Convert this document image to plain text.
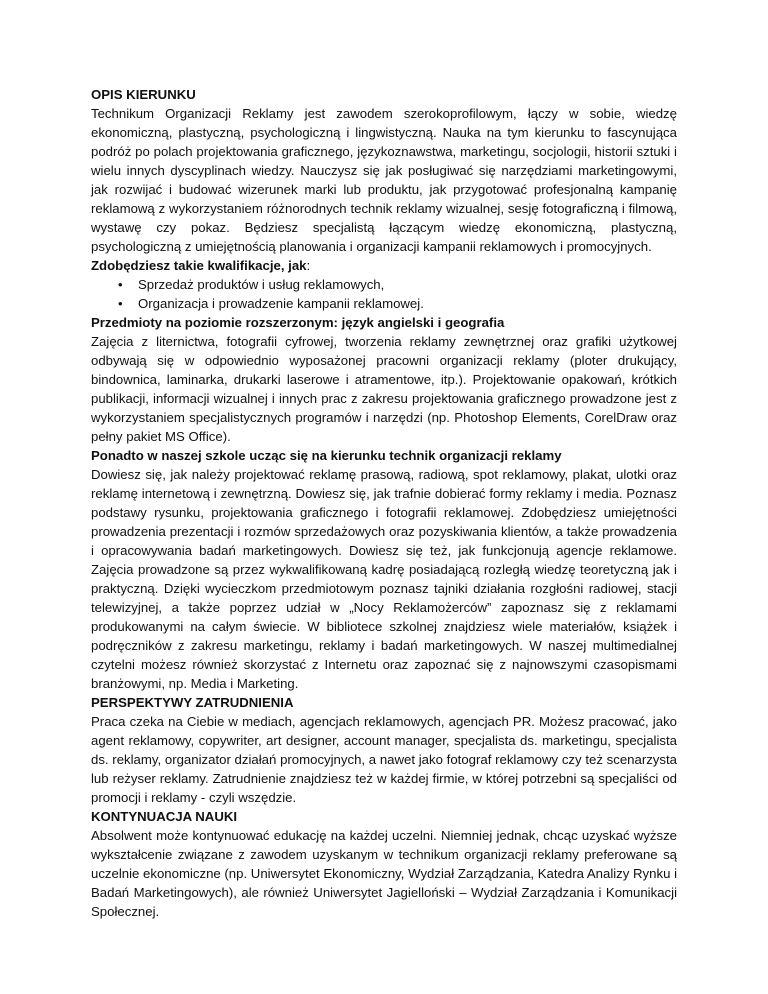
OPIS KIERUNKU

Technikum Organizacji Reklamy jest zawodem szerokoprofilowym, łączy w sobie, wiedzę ekonomiczną, plastyczną, psychologiczną i lingwistyczną. Nauka na tym kierunku to fascynująca podróż po polach projektowania graficznego, językoznawstwa, marketingu, socjologii, historii sztuki i wielu innych dyscyplinach wiedzy. Nauczysz się jak posługiwać się narzędziami marketingowymi, jak rozwijać i budować wizerunek marki lub produktu, jak przygotować profesjonalną kampanię reklamową z wykorzystaniem różnorodnych technik reklamy wizualnej, sesję fotograficzną i filmową, wystawę czy pokaz. Będziesz specjalistą łączącym wiedzę ekonomiczną, plastyczną, psychologiczną z umiejętnością planowania i organizacji kampanii reklamowych i promocyjnych.

Zdobędziesz takie kwalifikacje, jak:
• Sprzedaż produktów i usług reklamowych,
• Organizacja i prowadzenie kampanii reklamowej.
Przedmioty na poziomie rozszerzonym: język angielski i geografia

Zajęcia z liternictwa, fotografii cyfrowej, tworzenia reklamy zewnętrznej oraz grafiki użytkowej odbywają się w odpowiednio wyposażonej pracowni organizacji reklamy (ploter drukujący, bindownica, laminarka, drukarki laserowe i atramentowe, itp.). Projektowanie opakowań, krótkich publikacji, informacji wizualnej i innych prac z zakresu projektowania graficznego prowadzone jest z wykorzystaniem specjalistycznych programów i narzędzi (np. Photoshop Elements, CorelDraw oraz pełny pakiet MS Office).

Ponadto w naszej szkole ucząc się na kierunku technik organizacji reklamy

Dowiesz się, jak należy projektować reklamę prasową, radiową, spot reklamowy, plakat, ulotki oraz reklamę internetową i zewnętrzną. Dowiesz się, jak trafnie dobierać formy reklamy i media. Poznasz podstawy rysunku, projektowania graficznego i fotografii reklamowej. Zdobędziesz umiejętności prowadzenia prezentacji i rozmów sprzedażowych oraz pozyskiwania klientów, a także prowadzenia i opracowywania badań marketingowych. Dowiesz się też, jak funkcjonują agencje reklamowe. Zajęcia prowadzone są przez wykwalifikowaną kadrę posiadającą rozległą wiedzę teoretyczną jak i praktyczną. Dzięki wycieczkom przedmiotowym poznasz tajniki działania rozgłośni radiowej, stacji telewizyjnej, a także poprzez udział w „Nocy Reklamożerców” zapoznasz się z reklamami produkowanymi na całym świecie. W bibliotece szkolnej znajdziesz wiele materiałów, książek i podręczników z zakresu marketingu, reklamy i badań marketingowych. W naszej multimedialnej czytelni możesz również skorzystać z Internetu oraz zapoznać się z najnowszymi czasopismami branżowymi, np. Media i Marketing.

PERSPEKTYWY ZATRUDNIENIA

Praca czeka na Ciebie w mediach, agencjach reklamowych, agencjach PR. Możesz pracować, jako agent reklamowy, copywriter, art designer, account manager, specjalista ds. marketingu, specjalista ds. reklamy, organizator działań promocyjnych, a nawet jako fotograf reklamowy czy też scenarzysta lub reżyser reklamy. Zatrudnienie znajdziesz też w każdej firmie, w której potrzebni są specjaliści od promocji i reklamy - czyli wszędzie.

KONTYNUACJA NAUKI

Absolwent może kontynuować edukację na każdej uczelni. Niemniej jednak, chcąc uzyskać wyższe wykształcenie związane z zawodem uzyskanym w technikum organizacji reklamy preferowane są uczelnie ekonomiczne (np. Uniwersytet Ekonomiczny, Wydział Zarządzania, Katedra Analizy Rynku i Badań Marketingowych), ale również Uniwersytet Jagielloński – Wydział Zarządzania i Komunikacji Społecznej.
